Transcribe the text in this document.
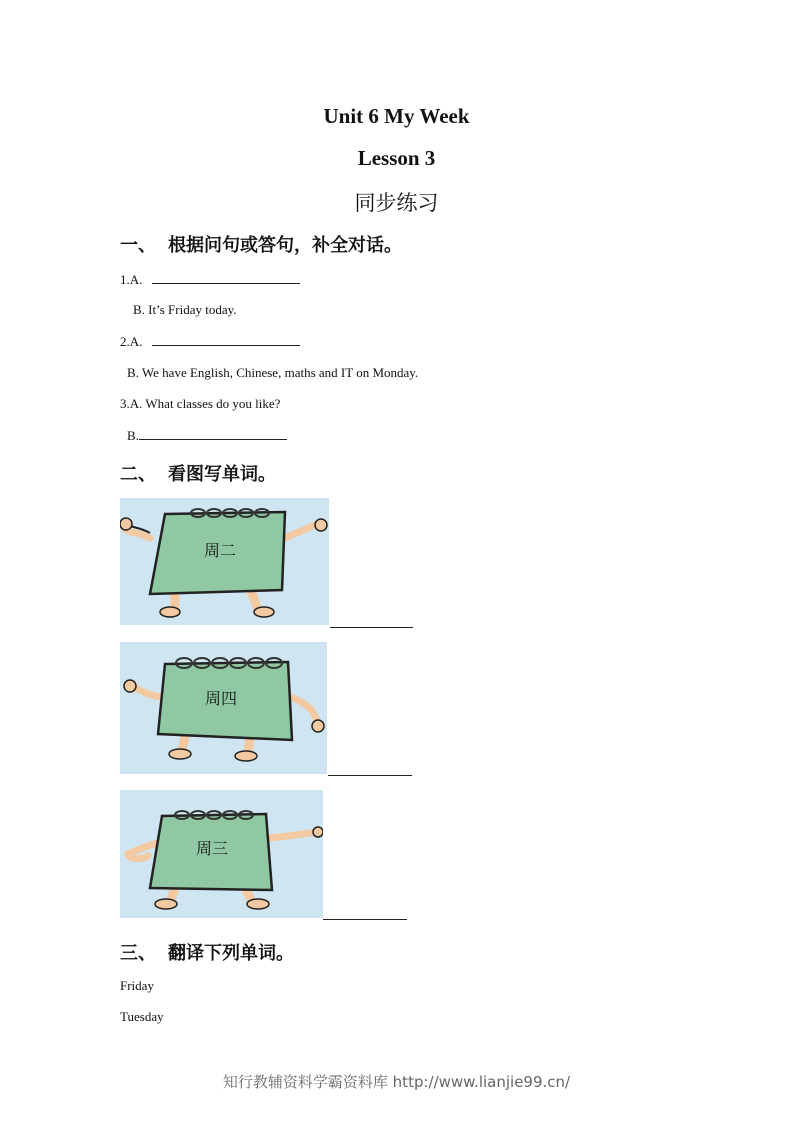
Unit 6 My Week
Lesson 3
同步练习
一、 根据问句或答句，补全对话。
1.A.
B. It’s Friday today.
2.A.
B. We have English, Chinese, maths and IT on Monday.
3.A. What classes do you like?
B.
二、 看图写单词。
周二
周四
周三
三、 翻译下列单词。
Friday
Tuesday
知行教辅资料学霸资料库 http://www.lianjie99.cn/
